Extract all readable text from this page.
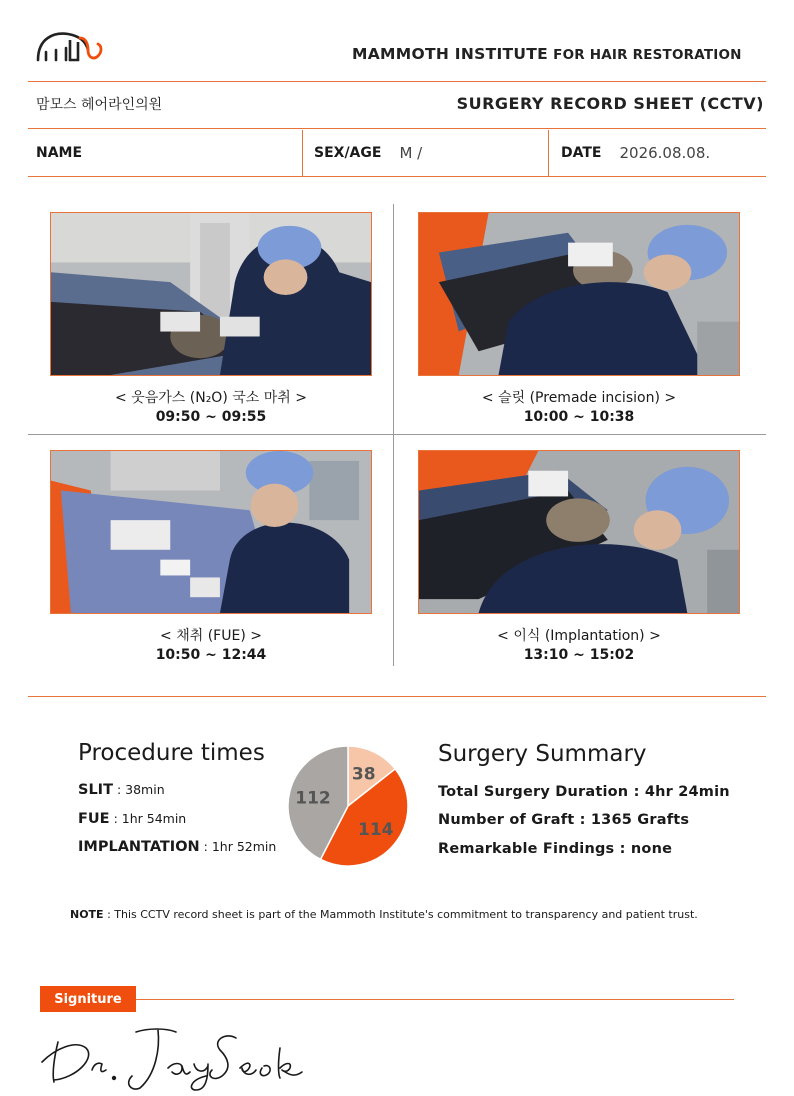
MAMMOTH INSTITUTE FOR HAIR RESTORATION
맘모스 헤어라인의원	SURGERY RECORD SHEET (CCTV)
NAME	SEX/AGE M /	DATE 2026.08.08.
< 웃음가스 (N₂O) 국소 마취 >
09:50 ~ 09:55
< 슬릿 (Premade incision) >
10:00 ~ 10:38
< 채취 (FUE) >
10:50 ~ 12:44
< 이식 (Implantation) >
13:10 ~ 15:02
Procedure times
SLIT : 38min
FUE : 1hr 54min
IMPLANTATION : 1hr 52min
38
114
112
Surgery Summary
Total Surgery Duration : 4hr 24min
Number of Graft : 1365 Grafts
Remarkable Findings : none
NOTE : This CCTV record sheet is part of the Mammoth Institute's commitment to transparency and patient trust.
Signiture
